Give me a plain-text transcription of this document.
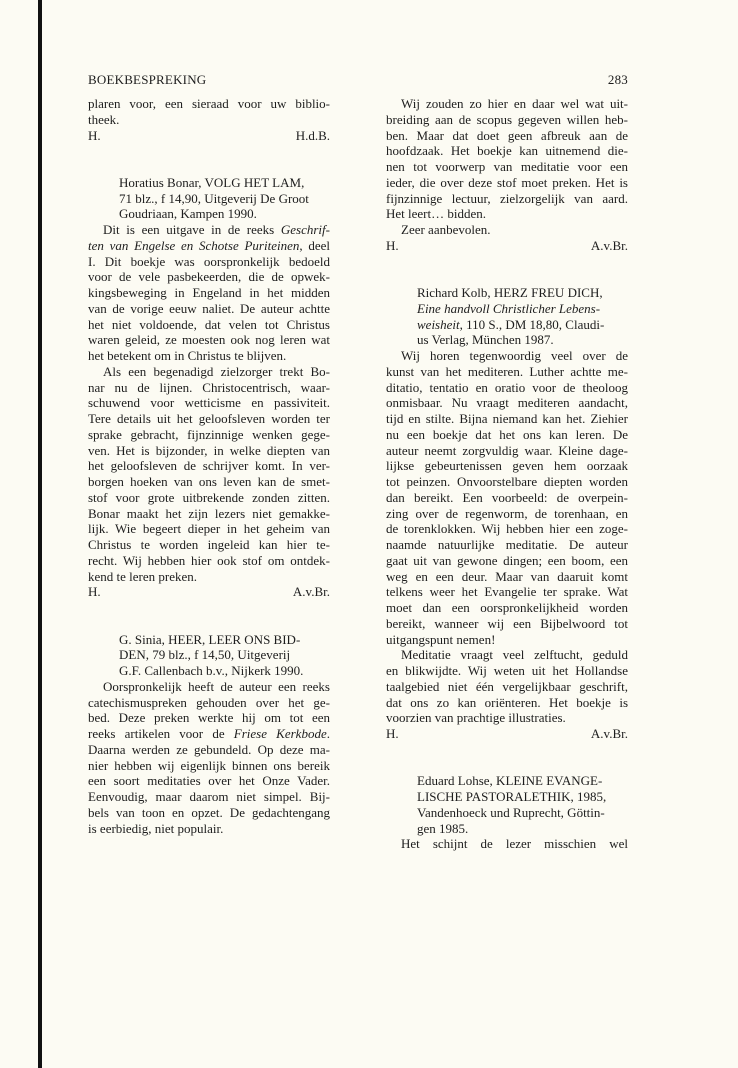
BOEKBESPREKING	283
plaren voor, een sieraad voor uw biblio-
theek.
H.	H.d.B.
Horatius Bonar, VOLG HET LAM,
71 blz., f 14,90, Uitgeverij De Groot
Goudriaan, Kampen 1990.
Dit is een uitgave in de reeks Geschrif-
ten van Engelse en Schotse Puriteinen, deel
I. Dit boekje was oorspronkelijk bedoeld
voor de vele pasbekeerden, die de opwek-
kingsbeweging in Engeland in het midden
van de vorige eeuw naliet. De auteur achtte
het niet voldoende, dat velen tot Christus
waren geleid, ze moesten ook nog leren wat
het betekent om in Christus te blijven.
Als een begenadigd zielzorger trekt Bo-
nar nu de lijnen. Christocentrisch, waar-
schuwend voor wetticisme en passiviteit.
Tere details uit het geloofsleven worden ter
sprake gebracht, fijnzinnige wenken gege-
ven. Het is bijzonder, in welke diepten van
het geloofsleven de schrijver komt. In ver-
borgen hoeken van ons leven kan de smet-
stof voor grote uitbrekende zonden zitten.
Bonar maakt het zijn lezers niet gemakke-
lijk. Wie begeert dieper in het geheim van
Christus te worden ingeleid kan hier te-
recht. Wij hebben hier ook stof om ontdek-
kend te leren preken.
H.	A.v.Br.
G. Sinia, HEER, LEER ONS BID-
DEN, 79 blz., f 14,50, Uitgeverij
G.F. Callenbach b.v., Nijkerk 1990.
Oorspronkelijk heeft de auteur een reeks
catechismuspreken gehouden over het ge-
bed. Deze preken werkte hij om tot een
reeks artikelen voor de Friese Kerkbode.
Daarna werden ze gebundeld. Op deze ma-
nier hebben wij eigenlijk binnen ons bereik
een soort meditaties over het Onze Vader.
Eenvoudig, maar daarom niet simpel. Bij-
bels van toon en opzet. De gedachtengang
is eerbiedig, niet populair.
Wij zouden zo hier en daar wel wat uit-
breiding aan de scopus gegeven willen heb-
ben. Maar dat doet geen afbreuk aan de
hoofdzaak. Het boekje kan uitnemend die-
nen tot voorwerp van meditatie voor een
ieder, die over deze stof moet preken. Het is
fijnzinnige lectuur, zielzorgelijk van aard.
Het leert… bidden.
Zeer aanbevolen.
H.	A.v.Br.
Richard Kolb, HERZ FREU DICH,
Eine handvoll Christlicher Lebens-
weisheit, 110 S., DM 18,80, Claudi-
us Verlag, München 1987.
Wij horen tegenwoordig veel over de
kunst van het mediteren. Luther achtte me-
ditatio, tentatio en oratio voor de theoloog
onmisbaar. Nu vraagt mediteren aandacht,
tijd en stilte. Bijna niemand kan het. Ziehier
nu een boekje dat het ons kan leren. De
auteur neemt zorgvuldig waar. Kleine dage-
lijkse gebeurtenissen geven hem oorzaak
tot peinzen. Onvoorstelbare diepten worden
dan bereikt. Een voorbeeld: de overpein-
zing over de regenworm, de torenhaan, en
de torenklokken. Wij hebben hier een zoge-
naamde natuurlijke meditatie. De auteur
gaat uit van gewone dingen; een boom, een
weg en een deur. Maar van daaruit komt
telkens weer het Evangelie ter sprake. Wat
moet dan een oorspronkelijkheid worden
bereikt, wanneer wij een Bijbelwoord tot
uitgangspunt nemen!
Meditatie vraagt veel zelftucht, geduld
en blikwijdte. Wij weten uit het Hollandse
taalgebied niet één vergelijkbaar geschrift,
dat ons zo kan oriënteren. Het boekje is
voorzien van prachtige illustraties.
H.	A.v.Br.
Eduard Lohse, KLEINE EVANGE-
LISCHE PASTORALETHIK, 1985,
Vandenhoeck und Ruprecht, Göttin-
gen 1985.
Het schijnt de lezer misschien wel
